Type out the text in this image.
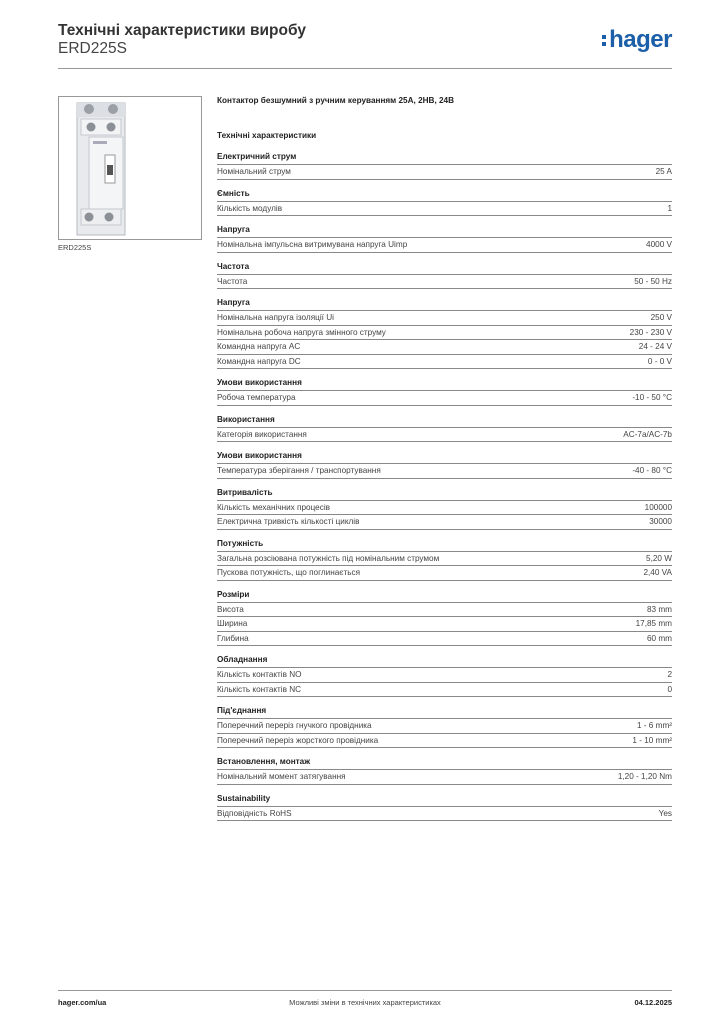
Технічні характеристики виробу
ERD225S	hager
ERD225S
Контактор безшумний з ручним керуванням 25А, 2НВ, 24В
Технічні характеристики
Електричний струм
Номінальний струм	25 A
Ємність
Кількість модулів	1
Напруга
Номінальна імпульсна витримувана напруга Uimp	4000 V
Частота
Частота	50 - 50 Hz
Напруга
Номінальна напруга ізоляції Ui	250 V
Номінальна робоча напруга змінного струму	230 - 230 V
Командна напруга AC	24 - 24 V
Командна напруга DC	0 - 0 V
Умови використання
Робоча температура	-10 - 50 °C
Використання
Категорія використання	AC-7a/AC-7b
Умови використання
Температура зберігання / транспортування	-40 - 80 °C
Витривалість
Кількість механічних процесів	100000
Електрична тривкість кількості циклів	30000
Потужність
Загальна розсіювана потужність під номінальним струмом	5,20 W
Пускова потужність, що поглинається	2,40 VA
Розміри
Висота	83 mm
Ширина	17,85 mm
Глибина	60 mm
Обладнання
Кількість контактів NO	2
Кількість контактів NC	0
Під'єднання
Поперечний переріз гнучкого провідника	1 - 6 mm²
Поперечний переріз жорсткого провідника	1 - 10 mm²
Встановлення, монтаж
Номінальний момент затягування	1,20 - 1,20 Nm
Sustainability
Відповідність RoHS	Yes
hager.com/ua	Можливі зміни в технічних характеристиках	04.12.2025
